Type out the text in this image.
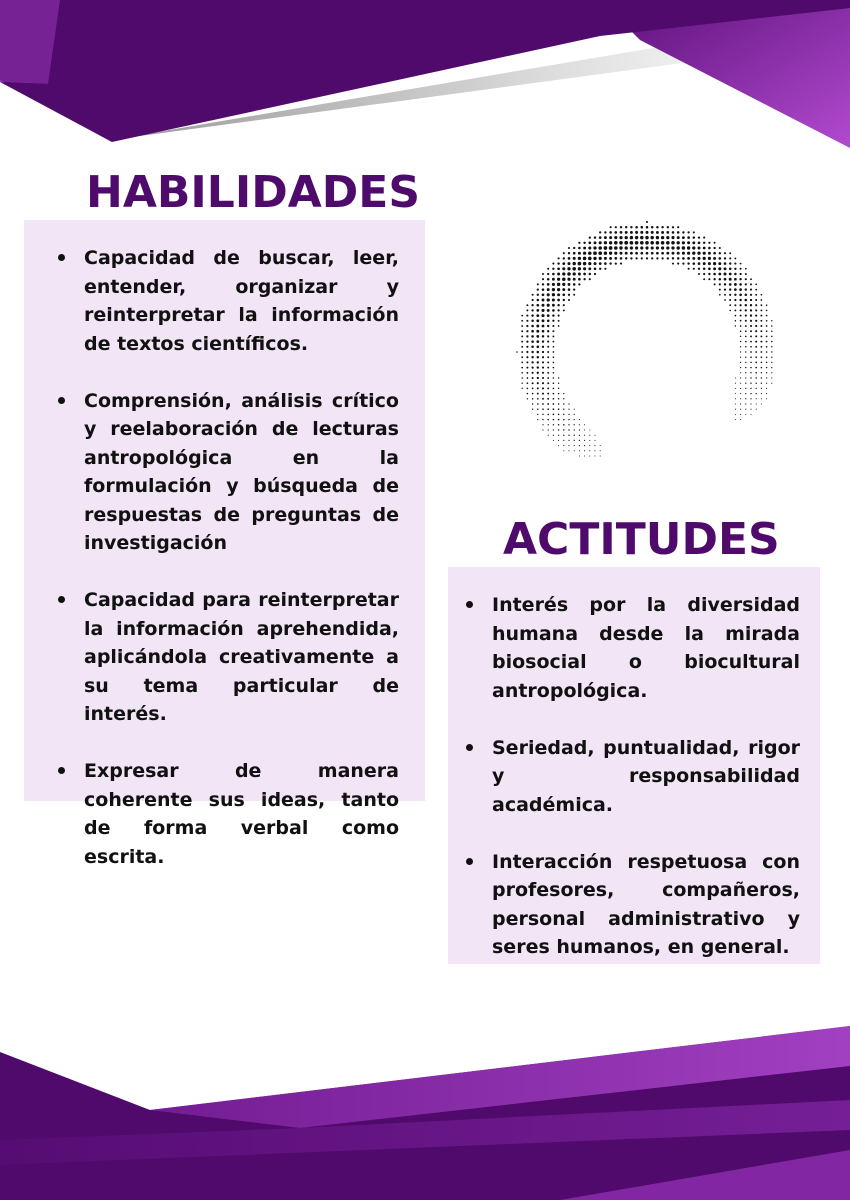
HABILIDADES
Capacidad de buscar, leer, entender, organizar y reinterpretar la información de textos científicos.
Comprensión, análisis crítico y reelaboración de lecturas antropológica en la formulación y búsqueda de respuestas de preguntas de investigación
Capacidad para reinterpretar la información aprehendida, aplicándola creativamente a su tema particular de interés.
Expresar de manera coherente sus ideas, tanto de forma verbal como escrita.
ACTITUDES
Interés por la diversidad humana desde la mirada biosocial o biocultural antropológica.
Seriedad, puntualidad, rigor y responsabilidad académica.
Interacción respetuosa con profesores, compañeros, personal administrativo y seres humanos, en general.
